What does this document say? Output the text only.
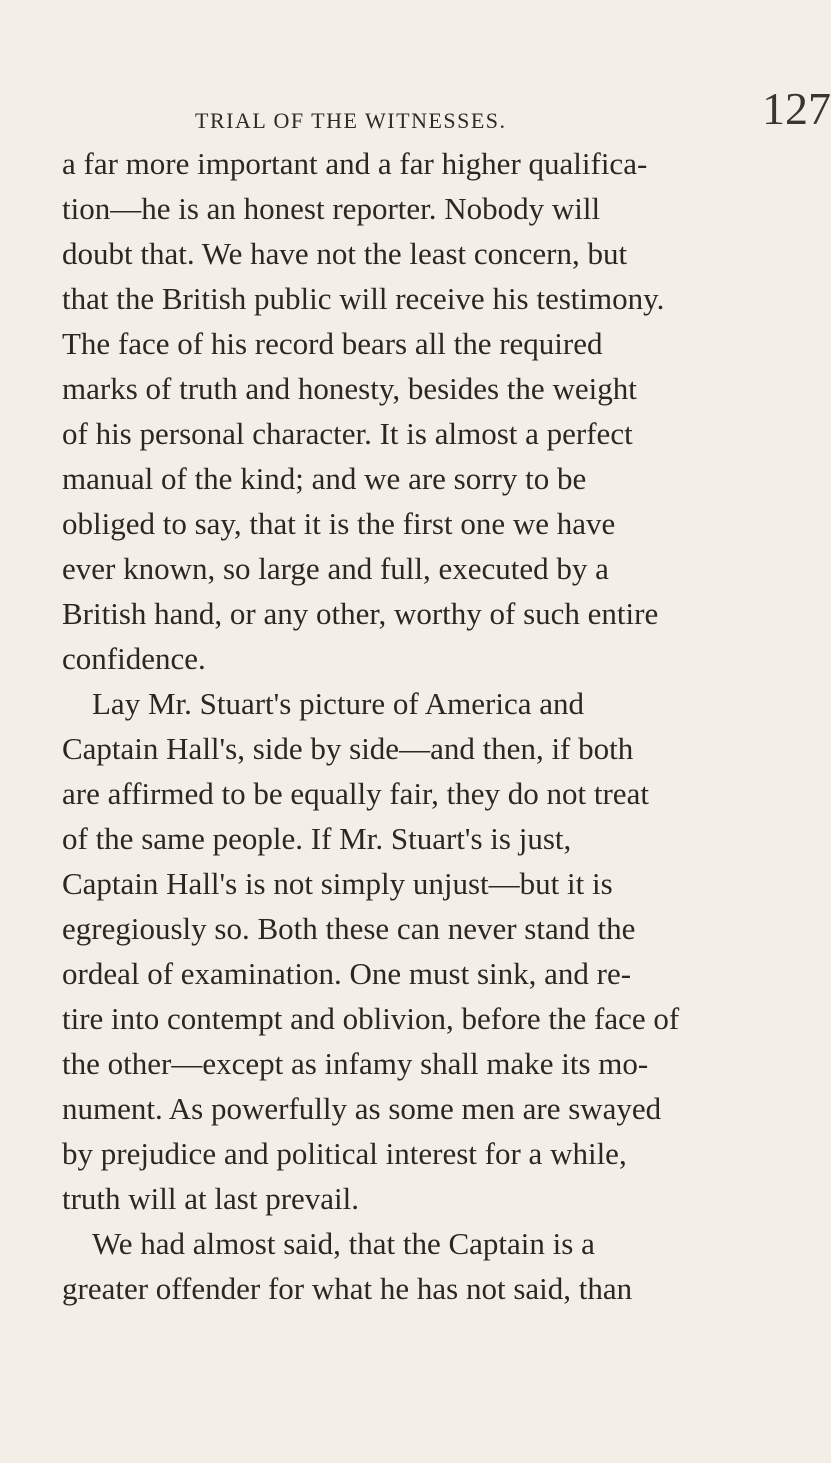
TRIAL OF THE WITNESSES.	127
a far more important and a far higher qualifica-
tion—he is an honest reporter. Nobody will
doubt that. We have not the least concern, but
that the British public will receive his testimony.
The face of his record bears all the required
marks of truth and honesty, besides the weight
of his personal character. It is almost a perfect
manual of the kind; and we are sorry to be
obliged to say, that it is the first one we have
ever known, so large and full, executed by a
British hand, or any other, worthy of such entire
confidence.
Lay Mr. Stuart's picture of America and
Captain Hall's, side by side—and then, if both
are affirmed to be equally fair, they do not treat
of the same people. If Mr. Stuart's is just,
Captain Hall's is not simply unjust—but it is
egregiously so. Both these can never stand the
ordeal of examination. One must sink, and re-
tire into contempt and oblivion, before the face of
the other—except as infamy shall make its mo-
nument. As powerfully as some men are swayed
by prejudice and political interest for a while,
truth will at last prevail.
We had almost said, that the Captain is a
greater offender for what he has not said, than
